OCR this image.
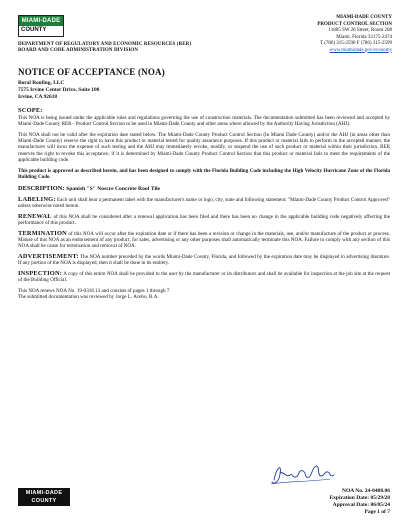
MIAMI-DADE
COUNTY
DEPARTMENT OF REGULATORY AND ECONOMIC RESOURCES (RER)
BOARD AND CODE ADMINISTRATION DIVISION
MIAMI-DADE COUNTY
PRODUCT CONTROL SECTION
11805 SW 26 Street, Room 208
Miami, Florida 33175-2474
T (786) 315-2590 F (786) 315-2599
www.miamidade.gov/economy
NOTICE OF ACCEPTANCE (NOA)
Boral Roofing, LLC
7575 Irvine Center Drive, Suite 100
Irvine, CA 92618
SCOPE:

This NOA is being issued under the applicable rules and regulations governing the use of construction materials. The documentation submitted has been reviewed and accepted by Miami-Dade County RER - Product Control Section to be used in Miami-Dade County and other areas where allowed by the Authority Having Jurisdiction (AHJ).

This NOA shall not be valid after the expiration date stated below. The Miami-Dade County Product Control Section (In Miami Dade County) and/or the AHJ (in areas other than Miami-Dade County) reserve the right to have this product or material tested for quality assurance purposes. If this product or material fails to perform in the accepted manner, the manufacturer will incur the expense of such testing and the AHJ may immediately revoke, modify, or suspend the use of such product or material within their jurisdiction. RER reserves the right to revoke this acceptance, if it is determined by Miami-Dade County Product Control Section that this product or material fails to meet the requirements of the applicable building code.

This product is approved as described herein, and has been designed to comply with the Florida Building Code including the High Velocity Hurricane Zone of the Florida Building Code.

DESCRIPTION: Spanish "S" Noscre Concrete Roof Tile

LABELING: Each unit shall bear a permanent label with the manufacturer's name or logo, city, state and following statement: "Miami-Dade County Product Control Approved" unless otherwise noted herein.

RENEWAL of this NOA shall be considered after a renewal application has been filed and there has been no change in the applicable building code negatively affecting the performance of this product.

TERMINATION of this NOA will occur after the expiration date or if there has been a revision or change in the materials, use, and/or manufacture of the product or process. Misuse of this NOA as an endorsement of any product, for sales, advertising or any other purposes shall automatically terminate this NOA. Failure to comply with any section of this NOA shall be cause for termination and removal of NOA.

ADVERTISEMENT: The NOA number preceded by the words Miami-Dade County, Florida, and followed by the expiration date may be displayed in advertising literature. If any portion of the NOA is displayed, then it shall be done in its entirety.

INSPECTION: A copy of this entire NOA shall be provided to the user by the manufacturer or its distributors and shall be available for inspection at the job site at the request of the Building Official.

This NOA renews NOA No. 19-0318.13 and consists of pages 1 through 7.
The submitted documentation was reviewed by Jorge L. Acebo, R.A.

MIAMI-DADE COUNTY
APPROVED
NOA No. 24-0408.06
Expiration Date: 05/29/28
Approval Date: 06/05/24
Page 1 of 7
